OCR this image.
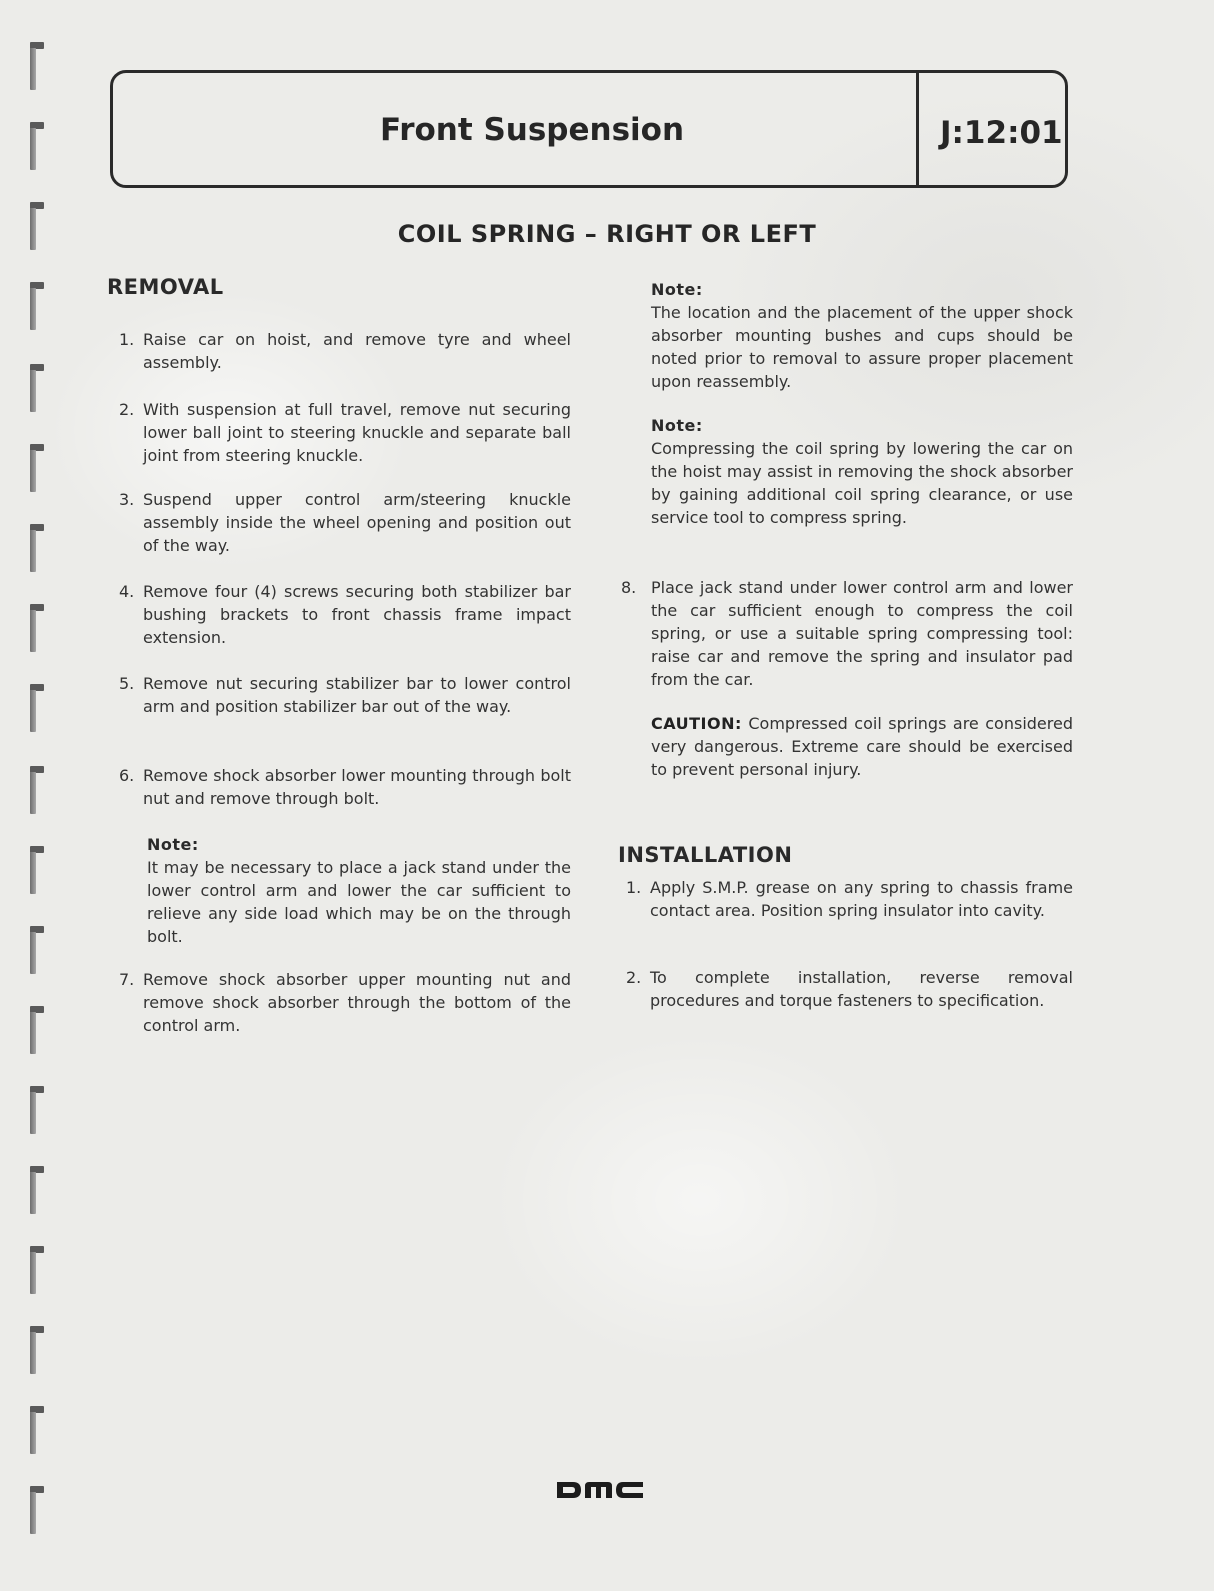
Front Suspension	J:12:01
COIL SPRING – RIGHT OR LEFT
REMOVAL
1. Raise car on hoist, and remove tyre and wheel assembly.
2. With suspension at full travel, remove nut securing lower ball joint to steering knuckle and separate ball joint from steering knuckle.
3. Suspend upper control arm/steering knuckle assembly inside the wheel opening and position out of the way.
4. Remove four (4) screws securing both stabilizer bar bushing brackets to front chassis frame impact extension.
5. Remove nut securing stabilizer bar to lower control arm and position stabilizer bar out of the way.
6. Remove shock absorber lower mounting through bolt nut and remove through bolt.
Note:
It may be necessary to place a jack stand under the lower control arm and lower the car sufficient to relieve any side load which may be on the through bolt.
7. Remove shock absorber upper mounting nut and remove shock absorber through the bottom of the control arm.
Note:
The location and the placement of the upper shock absorber mounting bushes and cups should be noted prior to removal to assure proper placement upon reassembly.
Note:
Compressing the coil spring by lowering the car on the hoist may assist in removing the shock absorber by gaining additional coil spring clearance, or use service tool to compress spring.
8. Place jack stand under lower control arm and lower the car sufficient enough to compress the coil spring, or use a suitable spring compressing tool: raise car and remove the spring and insulator pad from the car.
CAUTION: Compressed coil springs are considered very dangerous. Extreme care should be exercised to prevent personal injury.
INSTALLATION
1. Apply S.M.P. grease on any spring to chassis frame contact area. Position spring insulator into cavity.
2. To complete installation, reverse removal procedures and torque fasteners to specification.
